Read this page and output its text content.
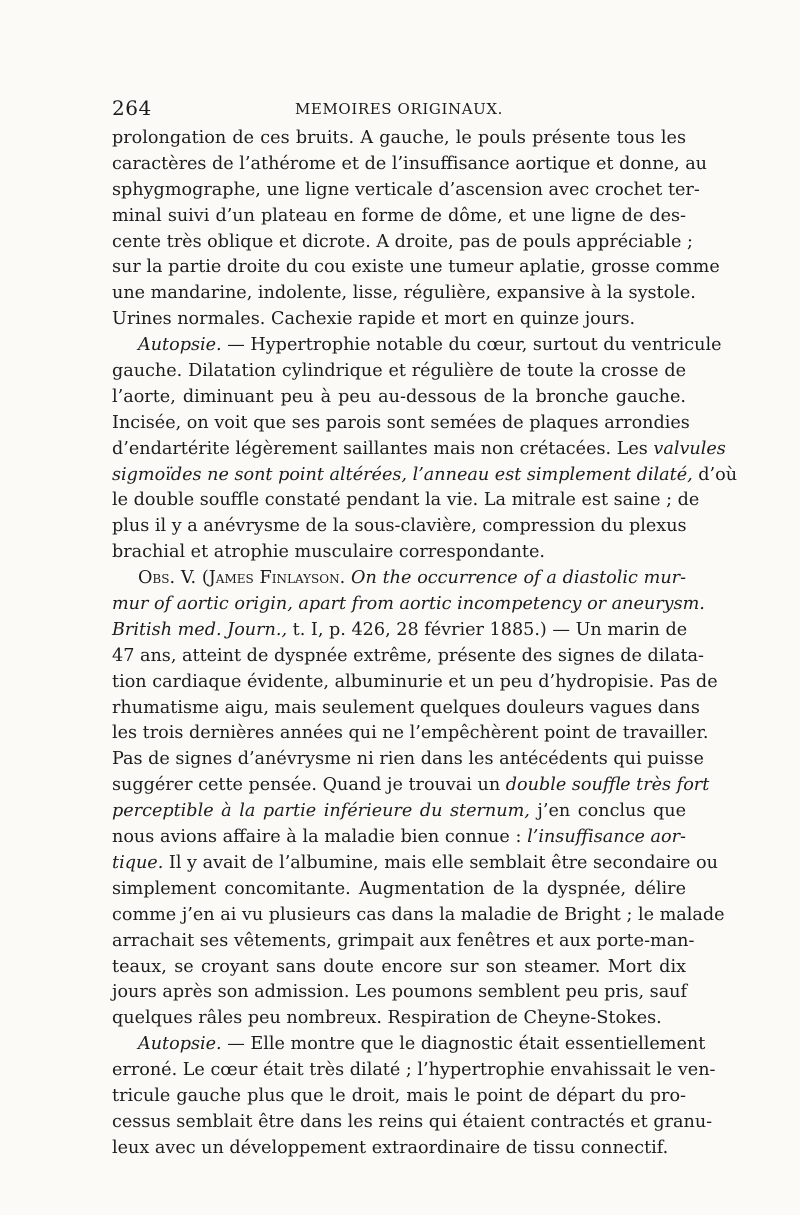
264	MEMOIRES ORIGINAUX.
prolongation de ces bruits. A gauche, le pouls présente tous les
caractères de l’athérome et de l’insuffisance aortique et donne, au
sphygmographe, une ligne verticale d’ascension avec crochet ter-
minal suivi d’un plateau en forme de dôme, et une ligne de des-
cente très oblique et dicrote. A droite, pas de pouls appréciable ;
sur la partie droite du cou existe une tumeur aplatie, grosse comme
une mandarine, indolente, lisse, régulière, expansive à la systole.
Urines normales. Cachexie rapide et mort en quinze jours.
Autopsie. — Hypertrophie notable du cœur, surtout du ventricule
gauche. Dilatation cylindrique et régulière de toute la crosse de
l’aorte, diminuant peu à peu au-dessous de la bronche gauche.
Incisée, on voit que ses parois sont semées de plaques arrondies
d’endartérite légèrement saillantes mais non crétacées. Les valvules
sigmoïdes ne sont point altérées, l’anneau est simplement dilaté, d’où
le double souffle constaté pendant la vie. La mitrale est saine ; de
plus il y a anévrysme de la sous-clavière, compression du plexus
brachial et atrophie musculaire correspondante.
Obs. V. (James Finlayson. On the occurrence of a diastolic mur-
mur of aortic origin, apart from aortic incompetency or aneurysm.
British med. Journ., t. I, p. 426, 28 février 1885.) — Un marin de
47 ans, atteint de dyspnée extrême, présente des signes de dilata-
tion cardiaque évidente, albuminurie et un peu d’hydropisie. Pas de
rhumatisme aigu, mais seulement quelques douleurs vagues dans
les trois dernières années qui ne l’empêchèrent point de travailler.
Pas de signes d’anévrysme ni rien dans les antécédents qui puisse
suggérer cette pensée. Quand je trouvai un double souffle très fort
perceptible à la partie inférieure du sternum, j’en conclus que
nous avions affaire à la maladie bien connue : l’insuffisance aor-
tique. Il y avait de l’albumine, mais elle semblait être secondaire ou
simplement concomitante. Augmentation de la dyspnée, délire
comme j’en ai vu plusieurs cas dans la maladie de Bright ; le malade
arrachait ses vêtements, grimpait aux fenêtres et aux porte-man-
teaux, se croyant sans doute encore sur son steamer. Mort dix
jours après son admission. Les poumons semblent peu pris, sauf
quelques râles peu nombreux. Respiration de Cheyne-Stokes.
Autopsie. — Elle montre que le diagnostic était essentiellement
erroné. Le cœur était très dilaté ; l’hypertrophie envahissait le ven-
tricule gauche plus que le droit, mais le point de départ du pro-
cessus semblait être dans les reins qui étaient contractés et granu-
leux avec un développement extraordinaire de tissu connectif.
